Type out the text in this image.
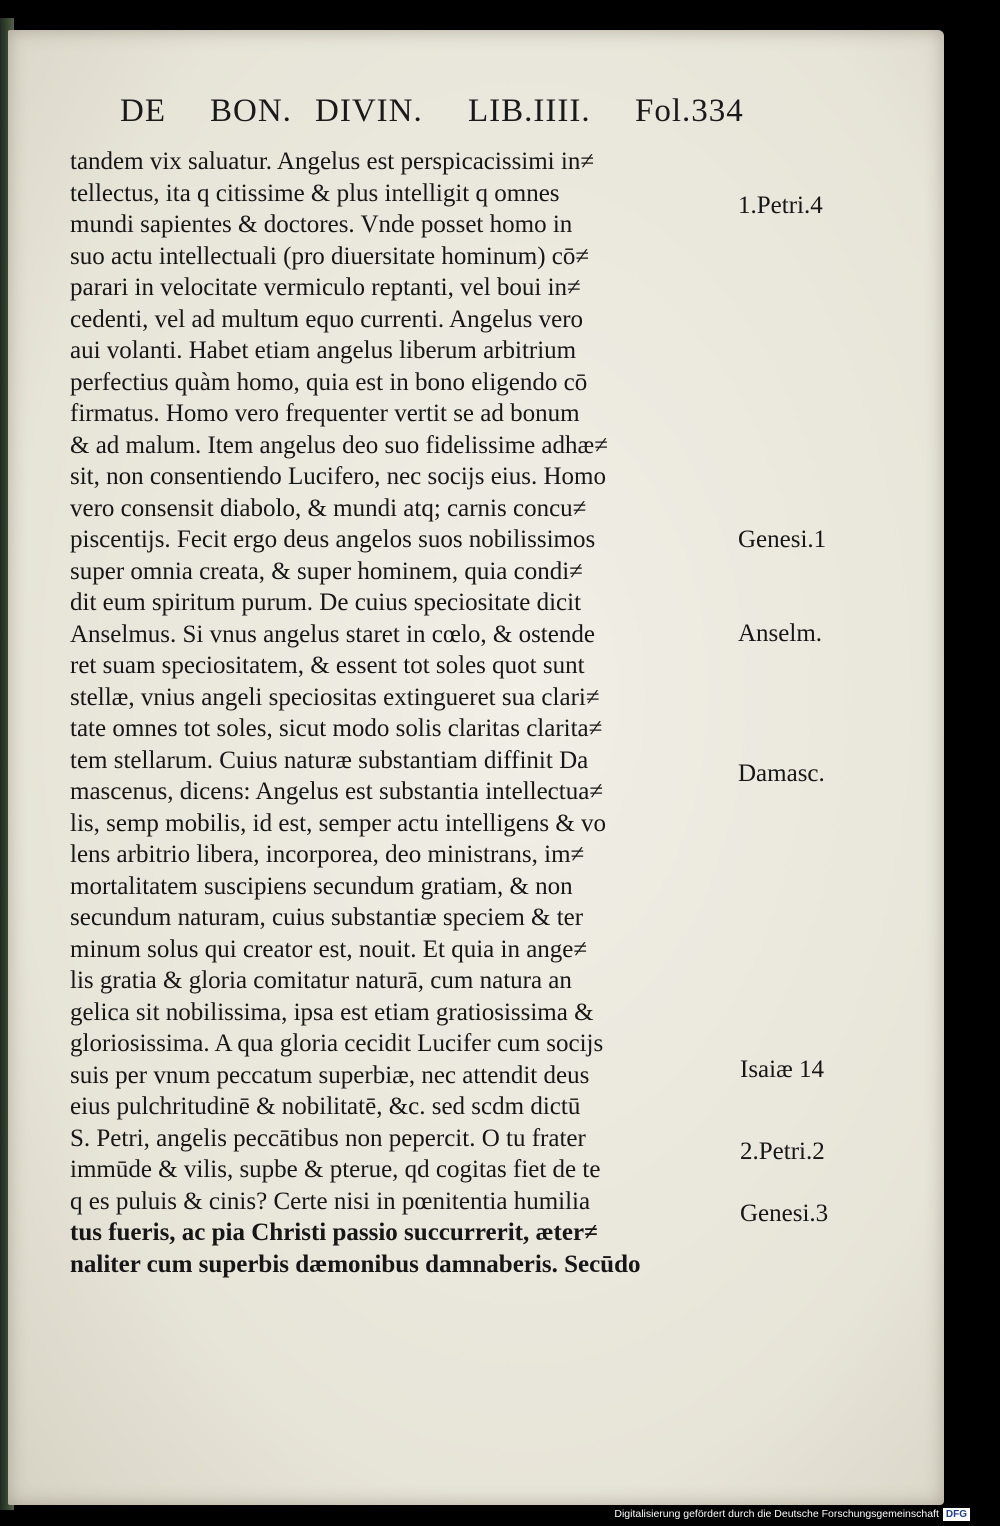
DE BON. DIVIN. LIB.IIII. Fol.334
tandem vix saluatur. Angelus est perspicacissimi in≠
tellectus, ita q citissime & plus intelligit q omnes
mundi sapientes & doctores. Vnde posset homo in
suo actu intellectuali (pro diuersitate hominum) cō≠
parari in velocitate vermiculo reptanti, vel boui in≠
cedenti, vel ad multum equo currenti. Angelus vero
aui volanti. Habet etiam angelus liberum arbitrium
perfectius quàm homo, quia est in bono eligendo cō
firmatus. Homo vero frequenter vertit se ad bonum
& ad malum. Item angelus deo suo fidelissime adhæ≠
sit, non consentiendo Lucifero, nec socijs eius. Homo
vero consensit diabolo, & mundi atq; carnis concu≠
piscentijs. Fecit ergo deus angelos suos nobilissimos
super omnia creata, & super hominem, quia condi≠
dit eum spiritum purum. De cuius speciositate dicit
Anselmus. Si vnus angelus staret in cœlo, & ostende
ret suam speciositatem, & essent tot soles quot sunt
stellæ, vnius angeli speciositas extingueret sua clari≠
tate omnes tot soles, sicut modo solis claritas clarita≠
tem stellarum. Cuius naturæ substantiam diffinit Da
mascenus, dicens: Angelus est substantia intellectua≠
lis, semp mobilis, id est, semper actu intelligens & vo
lens arbitrio libera, incorporea, deo ministrans, im≠
mortalitatem suscipiens secundum gratiam, & non
secundum naturam, cuius substantiæ speciem & ter
minum solus qui creator est, nouit. Et quia in ange≠
lis gratia & gloria comitatur naturā, cum natura an
gelica sit nobilissima, ipsa est etiam gratiosissima &
gloriosissima. A qua gloria cecidit Lucifer cum socijs
suis per vnum peccatum superbiæ, nec attendit deus
eius pulchritudinē & nobilitatē, &c. sed scdm dictū
S. Petri, angelis peccātibus non pepercit. O tu frater
immūde & vilis, supbe & pterue, qd cogitas fiet de te
q es puluis & cinis? Certe nisi in pœnitentia humilia
tus fueris, ac pia Christi passio succurrerit, æter≠
naliter cum superbis dæmonibus damnaberis. Secūdo
1.Petri.4
Genesi.1
Anselm.
Damasc.
Isaiæ 14
2.Petri.2
Genesi.3
Digitalisierung gefördert durch die Deutsche Forschungsgemeinschaft DFG
